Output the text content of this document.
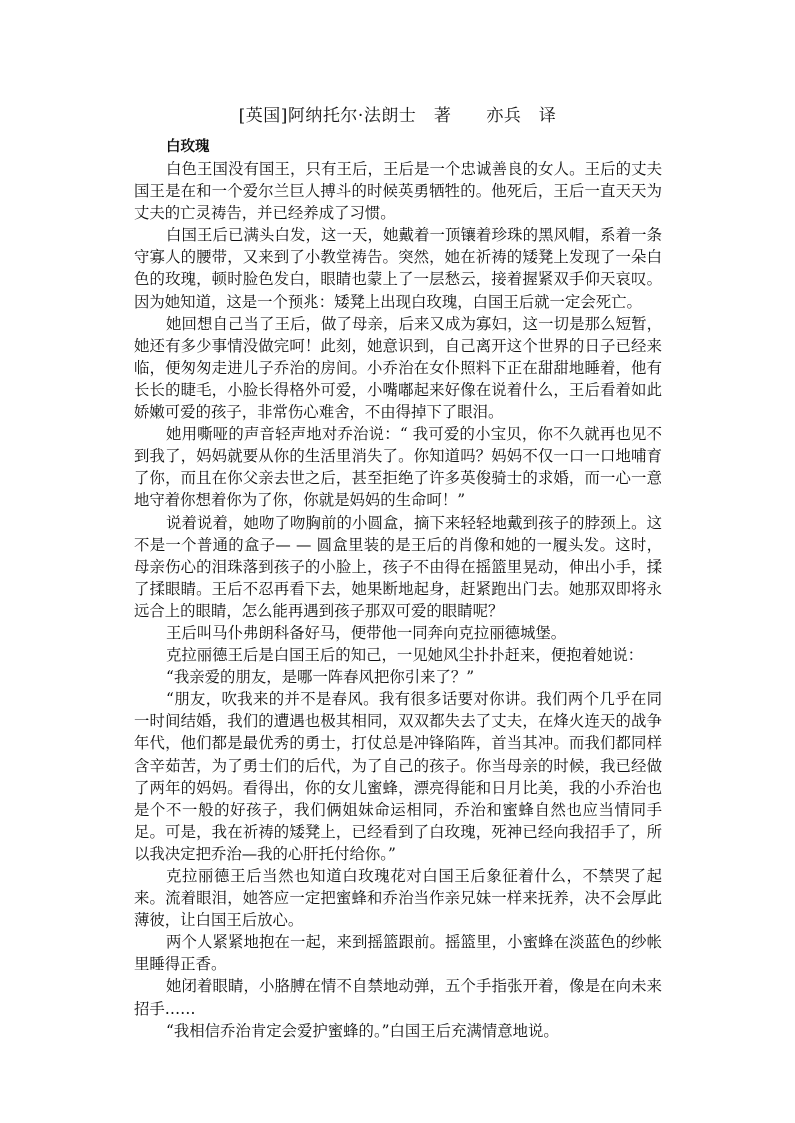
[英国]阿纳托尔·法朗士　著　　亦兵　译

白玫瑰

白色王国没有国王，只有王后，王后是一个忠诚善良的女人。王后的丈夫国王是在和一个爱尔兰巨人搏斗的时候英勇牺牲的。他死后，王后一直天天为丈夫的亡灵祷告，并已经养成了习惯。

白国王后已满头白发，这一天，她戴着一顶镶着珍珠的黑风帽，系着一条守寡人的腰带，又来到了小教堂祷告。突然，她在祈祷的矮凳上发现了一朵白色的玫瑰，顿时脸色发白，眼睛也蒙上了一层愁云，接着握紧双手仰天哀叹。因为她知道，这是一个预兆：矮凳上出现白玫瑰，白国王后就一定会死亡。

她回想自己当了王后，做了母亲，后来又成为寡妇，这一切是那么短暂，她还有多少事情没做完呵！此刻，她意识到，自己离开这个世界的日子已经来临，便匆匆走进儿子乔治的房间。小乔治在女仆照料下正在甜甜地睡着，他有长长的睫毛，小脸长得格外可爱，小嘴嘟起来好像在说着什么，王后看着如此娇嫩可爱的孩子，非常伤心难舍，不由得掉下了眼泪。

她用嘶哑的声音轻声地对乔治说：“ 我可爱的小宝贝，你不久就再也见不到我了，妈妈就要从你的生活里消失了。你知道吗？妈妈不仅一口一口地哺育了你，而且在你父亲去世之后，甚至拒绝了许多英俊骑士的求婚，而一心一意地守着你想着你为了你，你就是妈妈的生命呵！”

说着说着，她吻了吻胸前的小圆盒，摘下来轻轻地戴到孩子的脖颈上。这不是一个普通的盒子— — 圆盒里装的是王后的肖像和她的一履头发。这时，母亲伤心的泪珠落到孩子的小脸上，孩子不由得在摇篮里晃动，伸出小手，揉了揉眼睛。王后不忍再看下去，她果断地起身，赶紧跑出门去。她那双即将永远合上的眼睛，怎么能再遇到孩子那双可爱的眼睛呢？

王后叫马仆弗朗科备好马，便带他一同奔向克拉丽德城堡。

克拉丽德王后是白国王后的知己，一见她风尘扑扑赶来，便抱着她说：

“我亲爱的朋友，是哪一阵春风把你引来了？”

“朋友，吹我来的并不是春风。我有很多话要对你讲。我们两个几乎在同一时间结婚，我们的遭遇也极其相同，双双都失去了丈夫，在烽火连天的战争年代，他们都是最优秀的勇士，打仗总是冲锋陷阵，首当其冲。而我们都同样含辛茹苦，为了勇士们的后代，为了自己的孩子。你当母亲的时候，我已经做了两年的妈妈。看得出，你的女儿蜜蜂，漂亮得能和日月比美，我的小乔治也是个不一般的好孩子，我们俩姐妹命运相同，乔治和蜜蜂自然也应当情同手足。可是，我在祈祷的矮凳上，已经看到了白玫瑰，死神已经向我招手了，所以我决定把乔治—我的心肝托付给你。”

克拉丽德王后当然也知道白玫瑰花对白国王后象征着什么，不禁哭了起来。流着眼泪，她答应一定把蜜蜂和乔治当作亲兄妹一样来抚养，决不会厚此薄彼，让白国王后放心。

两个人紧紧地抱在一起，来到摇篮跟前。摇篮里，小蜜蜂在淡蓝色的纱帐里睡得正香。

她闭着眼睛，小胳膊在情不自禁地动弹，五个手指张开着，像是在向未来招手……

“我相信乔治肯定会爱护蜜蜂的。”白国王后充满情意地说。
